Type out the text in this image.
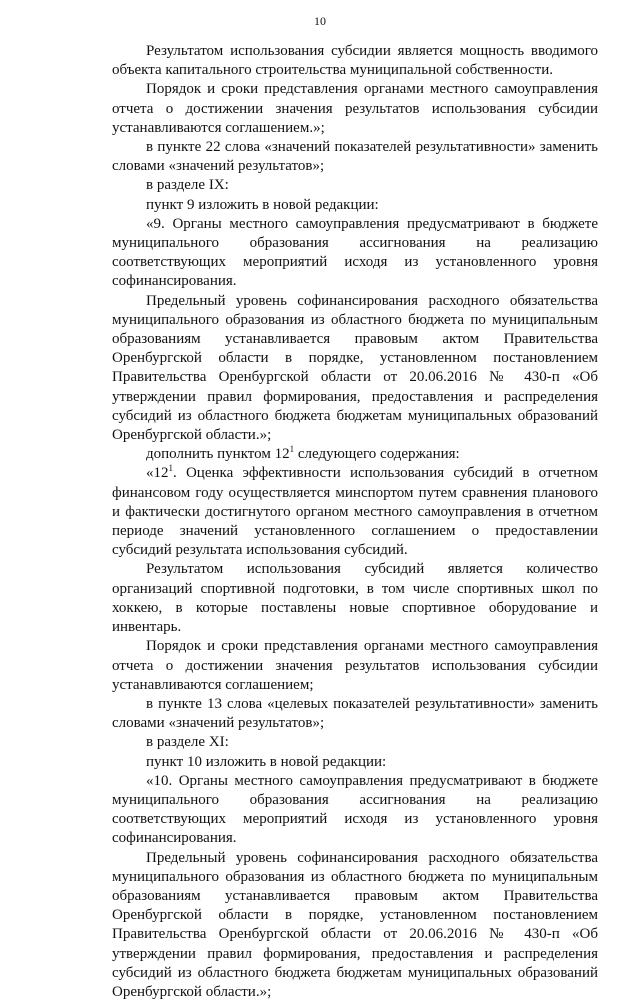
10

Результатом использования субсидии является мощность вводимого объекта капитального строительства муниципальной собственности.

Порядок и сроки представления органами местного самоуправления отчета о достижении значения результатов использования субсидии устанавливаются соглашением.»;

в пункте 22 слова «значений показателей результативности» заменить словами «значений результатов»;

в разделе IX:

пункт 9 изложить в новой редакции:

«9. Органы местного самоуправления предусматривают в бюджете муниципального образования ассигнования на реализацию соответствующих мероприятий исходя из установленного уровня софинансирования.

Предельный уровень софинансирования расходного обязательства муниципального образования из областного бюджета по муниципальным образованиям устанавливается правовым актом Правительства Оренбургской области в порядке, установленном постановлением Правительства Оренбургской области от 20.06.2016 № 430-п «Об утверждении правил формирования, предоставления и распределения субсидий из областного бюджета бюджетам муниципальных образований Оренбургской области.»;

дополнить пунктом $12^1$ следующего содержания:

«$12^1$. Оценка эффективности использования субсидий в отчетном финансовом году осуществляется минспортом путем сравнения планового и фактически достигнутого органом местного самоуправления в отчетном периоде значений установленного соглашением о предоставлении субсидий результата использования субсидий.

Результатом использования субсидий является количество организаций спортивной подготовки, в том числе спортивных школ по хоккею, в которые поставлены новые спортивное оборудование и инвентарь.

Порядок и сроки представления органами местного самоуправления отчета о достижении значения результатов использования субсидии устанавливаются соглашением;

в пункте 13 слова «целевых показателей результативности» заменить словами «значений результатов»;

в разделе XI:

пункт 10 изложить в новой редакции:

«10. Органы местного самоуправления предусматривают в бюджете муниципального образования ассигнования на реализацию соответствующих мероприятий исходя из установленного уровня софинансирования.

Предельный уровень софинансирования расходного обязательства муниципального образования из областного бюджета по муниципальным образованиям устанавливается правовым актом Правительства Оренбургской области в порядке, установленном постановлением Правительства Оренбургской области от 20.06.2016 № 430-п «Об утверждении правил формирования, предоставления и распределения субсидий из областного бюджета бюджетам муниципальных образований Оренбургской области.»;
